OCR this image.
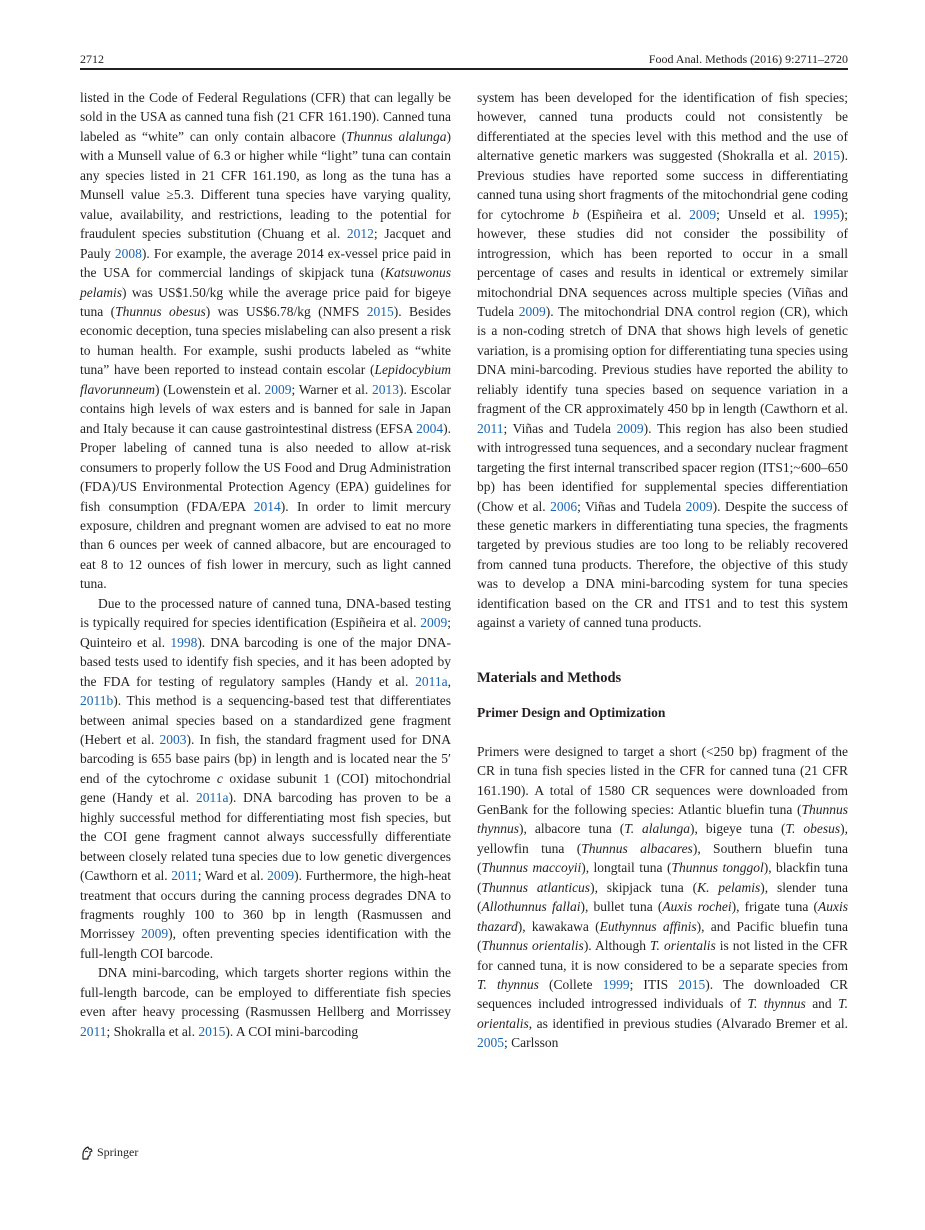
2712	Food Anal. Methods (2016) 9:2711–2720

listed in the Code of Federal Regulations (CFR) that can legally be sold in the USA as canned tuna fish (21 CFR 161.190). Canned tuna labeled as “white” can only contain albacore (Thunnus alalunga) with a Munsell value of 6.3 or higher while “light” tuna can contain any species listed in 21 CFR 161.190, as long as the tuna has a Munsell value ≥5.3. Different tuna species have varying quality, value, availability, and restrictions, leading to the potential for fraudulent species substitution (Chuang et al. 2012; Jacquet and Pauly 2008). For example, the average 2014 ex-vessel price paid in the USA for commercial landings of skipjack tuna (Katsuwonus pelamis) was US$1.50/kg while the average price paid for bigeye tuna (Thunnus obesus) was US$6.78/kg (NMFS 2015). Besides economic deception, tuna species mislabeling can also present a risk to human health. For example, sushi products labeled as “white tuna” have been reported to instead contain escolar (Lepidocybium flavorunneum) (Lowenstein et al. 2009; Warner et al. 2013). Escolar contains high levels of wax esters and is banned for sale in Japan and Italy because it can cause gastrointestinal distress (EFSA 2004). Proper labeling of canned tuna is also needed to allow at-risk consumers to properly follow the US Food and Drug Administration (FDA)/US Environmental Protection Agency (EPA) guidelines for fish consumption (FDA/EPA 2014). In order to limit mercury exposure, children and pregnant women are advised to eat no more than 6 ounces per week of canned albacore, but are encouraged to eat 8 to 12 ounces of fish lower in mercury, such as light canned tuna.

Due to the processed nature of canned tuna, DNA-based testing is typically required for species identification (Espiñeira et al. 2009; Quinteiro et al. 1998). DNA barcoding is one of the major DNA-based tests used to identify fish species, and it has been adopted by the FDA for testing of regulatory samples (Handy et al. 2011a, 2011b). This method is a sequencing-based test that differentiates between animal species based on a standardized gene fragment (Hebert et al. 2003). In fish, the standard fragment used for DNA barcoding is 655 base pairs (bp) in length and is located near the 5′ end of the cytochrome c oxidase subunit 1 (COI) mitochondrial gene (Handy et al. 2011a). DNA barcoding has proven to be a highly successful method for differentiating most fish species, but the COI gene fragment cannot always successfully differentiate between closely related tuna species due to low genetic divergences (Cawthorn et al. 2011; Ward et al. 2009). Furthermore, the high-heat treatment that occurs during the canning process degrades DNA to fragments roughly 100 to 360 bp in length (Rasmussen and Morrissey 2009), often preventing species identification with the full-length COI barcode.

DNA mini-barcoding, which targets shorter regions within the full-length barcode, can be employed to differentiate fish species even after heavy processing (Rasmussen Hellberg and Morrissey 2011; Shokralla et al. 2015). A COI mini-barcoding

system has been developed for the identification of fish species; however, canned tuna products could not consistently be differentiated at the species level with this method and the use of alternative genetic markers was suggested (Shokralla et al. 2015). Previous studies have reported some success in differentiating canned tuna using short fragments of the mitochondrial gene coding for cytochrome b (Espiñeira et al. 2009; Unseld et al. 1995); however, these studies did not consider the possibility of introgression, which has been reported to occur in a small percentage of cases and results in identical or extremely similar mitochondrial DNA sequences across multiple species (Viñas and Tudela 2009). The mitochondrial DNA control region (CR), which is a non-coding stretch of DNA that shows high levels of genetic variation, is a promising option for differentiating tuna species using DNA mini-barcoding. Previous studies have reported the ability to reliably identify tuna species based on sequence variation in a fragment of the CR approximately 450 bp in length (Cawthorn et al. 2011; Viñas and Tudela 2009). This region has also been studied with introgressed tuna sequences, and a secondary nuclear fragment targeting the first internal transcribed spacer region (ITS1;~600–650 bp) has been identified for supplemental species differentiation (Chow et al. 2006; Viñas and Tudela 2009). Despite the success of these genetic markers in differentiating tuna species, the fragments targeted by previous studies are too long to be reliably recovered from canned tuna products. Therefore, the objective of this study was to develop a DNA mini-barcoding system for tuna species identification based on the CR and ITS1 and to test this system against a variety of canned tuna products.

Materials and Methods
Primer Design and Optimization

Primers were designed to target a short (<250 bp) fragment of the CR in tuna fish species listed in the CFR for canned tuna (21 CFR 161.190). A total of 1580 CR sequences were downloaded from GenBank for the following species: Atlantic bluefin tuna (Thunnus thynnus), albacore tuna (T. alalunga), bigeye tuna (T. obesus), yellowfin tuna (Thunnus albacares), Southern bluefin tuna (Thunnus maccoyii), longtail tuna (Thunnus tonggol), blackfin tuna (Thunnus atlanticus), skipjack tuna (K. pelamis), slender tuna (Allothunnus fallai), bullet tuna (Auxis rochei), frigate tuna (Auxis thazard), kawakawa (Euthynnus affinis), and Pacific bluefin tuna (Thunnus orientalis). Although T. orientalis is not listed in the CFR for canned tuna, it is now considered to be a separate species from T. thynnus (Collete 1999; ITIS 2015). The downloaded CR sequences included introgressed individuals of T. thynnus and T. orientalis, as identified in previous studies (Alvarado Bremer et al. 2005; Carlsson

Springer
